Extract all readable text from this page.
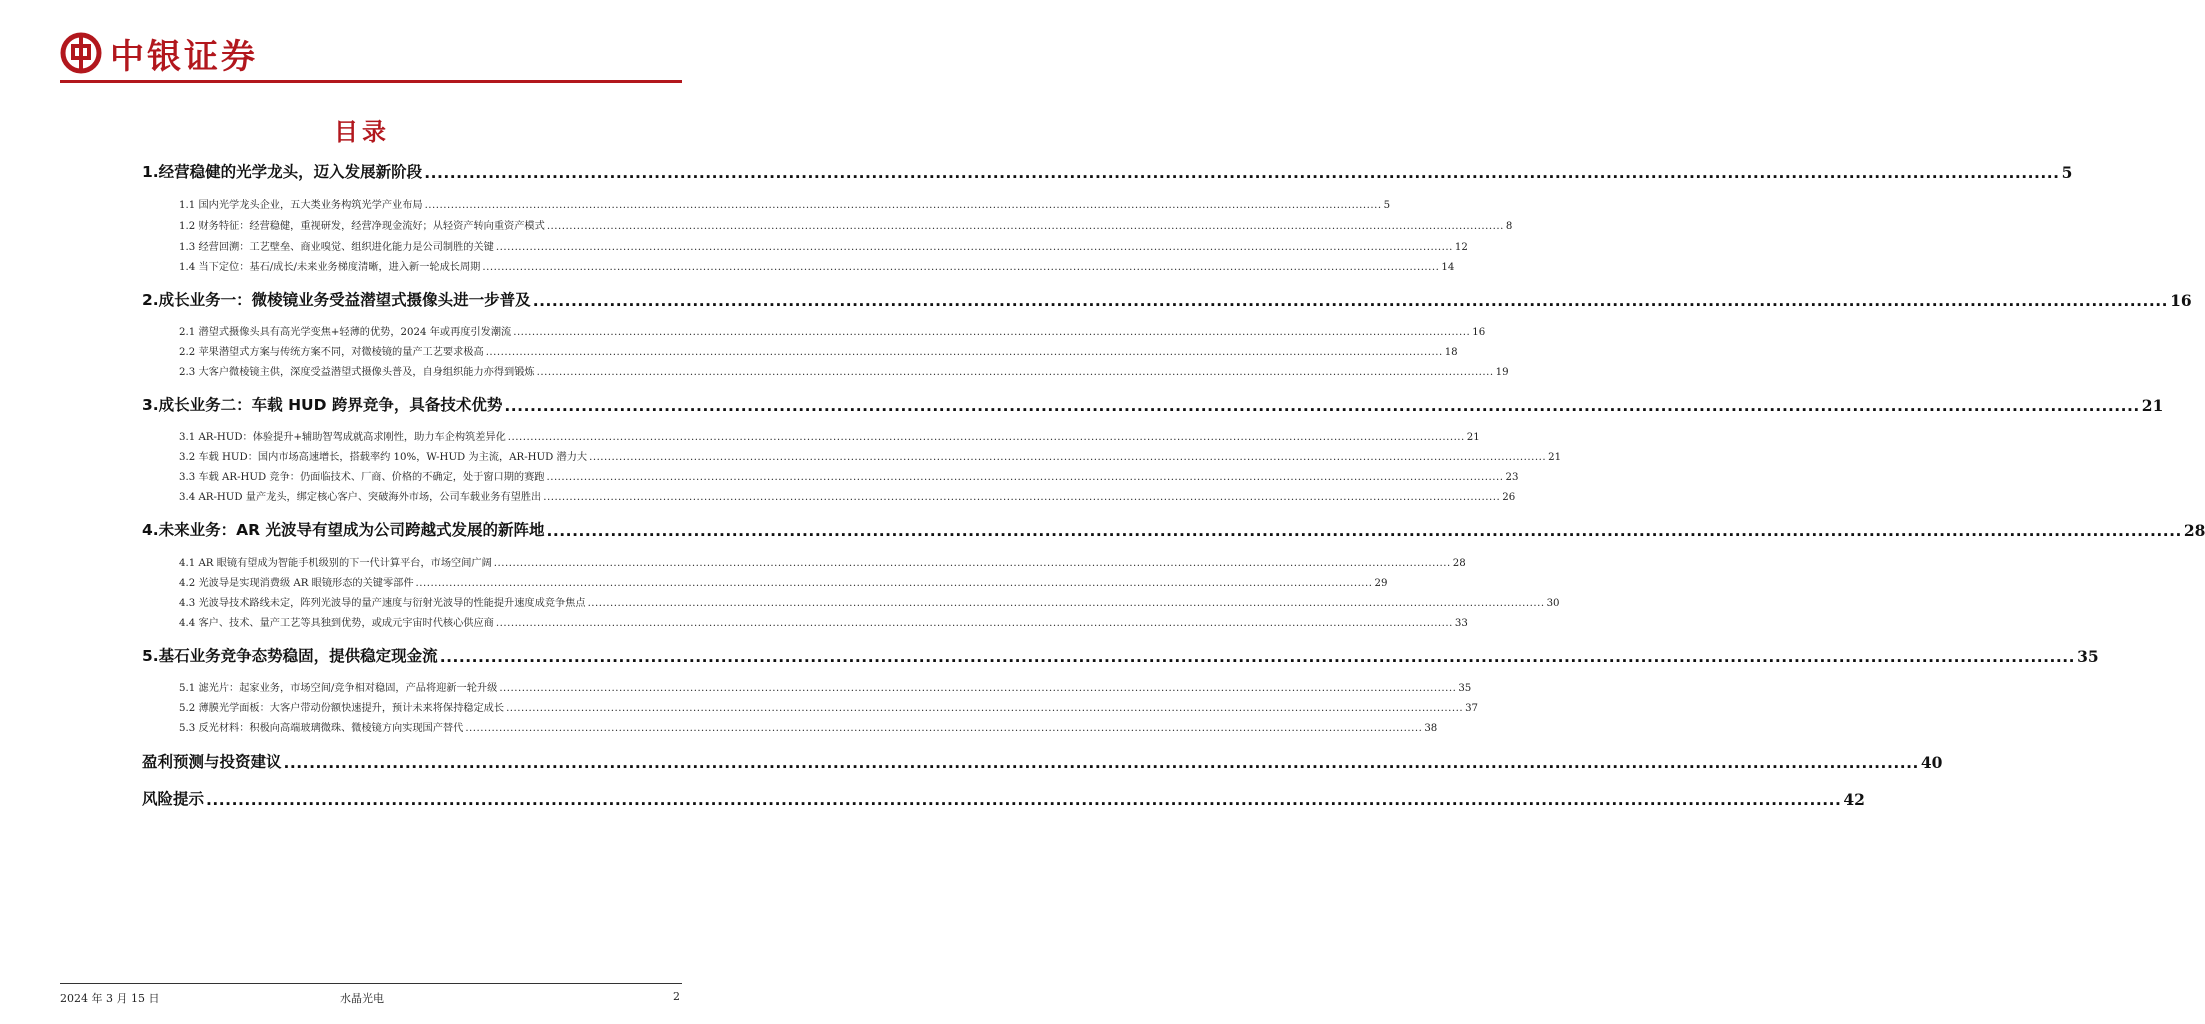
中银证券
目录
1.经营稳健的光学龙头，迈入发展新阶段 .....	5
1.1 国内光学龙头企业，五大类业务构筑光学产业布局 .....	5
1.2 财务特征：经营稳健，重视研发，经营净现金流好；从轻资产转向重资产模式 .....	8
1.3 经营回溯：工艺壁垒、商业嗅觉、组织进化能力是公司制胜的关键 .....	12
1.4 当下定位：基石/成长/未来业务梯度清晰，进入新一轮成长周期 .....	14
2.成长业务一：微棱镜业务受益潜望式摄像头进一步普及 .....	16
2.1 潜望式摄像头具有高光学变焦+轻薄的优势，2024 年或再度引发潮流 .....	16
2.2 苹果潜望式方案与传统方案不同，对微棱镜的量产工艺要求极高 .....	18
2.3 大客户微棱镜主供，深度受益潜望式摄像头普及，自身组织能力亦得到锻炼 .....	19
3.成长业务二：车载 HUD 跨界竞争，具备技术优势 .....	21
3.1 AR-HUD：体验提升+辅助智驾成就高求刚性，助力车企构筑差异化 .....	21
3.2 车载 HUD：国内市场高速增长，搭载率约 10%，W-HUD 为主流，AR-HUD 潜力大 .....	21
3.3 车载 AR-HUD 竞争：仍面临技术、厂商、价格的不确定，处于窗口期的赛跑 .....	23
3.4 AR-HUD 量产龙头，绑定核心客户、突破海外市场，公司车载业务有望胜出 .....	26
4.未来业务：AR 光波导有望成为公司跨越式发展的新阵地 .....	28
4.1 AR 眼镜有望成为智能手机级别的下一代计算平台，市场空间广阔 .....	28
4.2 光波导是实现消费级 AR 眼镜形态的关键零部件 .....	29
4.3 光波导技术路线未定，阵列光波导的量产速度与衍射光波导的性能提升速度成竞争焦点 .....	30
4.4 客户、技术、量产工艺等具独到优势，或成元宇宙时代核心供应商 .....	33
5.基石业务竞争态势稳固，提供稳定现金流 .....	35
5.1 滤光片：起家业务，市场空间/竞争相对稳固，产品将迎新一轮升级 .....	35
5.2 薄膜光学面板：大客户带动份额快速提升，预计未来将保持稳定成长 .....	37
5.3 反光材料：积极向高端玻璃微珠、微棱镜方向实现国产替代 .....	38
盈利预测与投资建议 .....	40
风险提示 .....	42
2024 年 3 月 15 日	水晶光电	2
